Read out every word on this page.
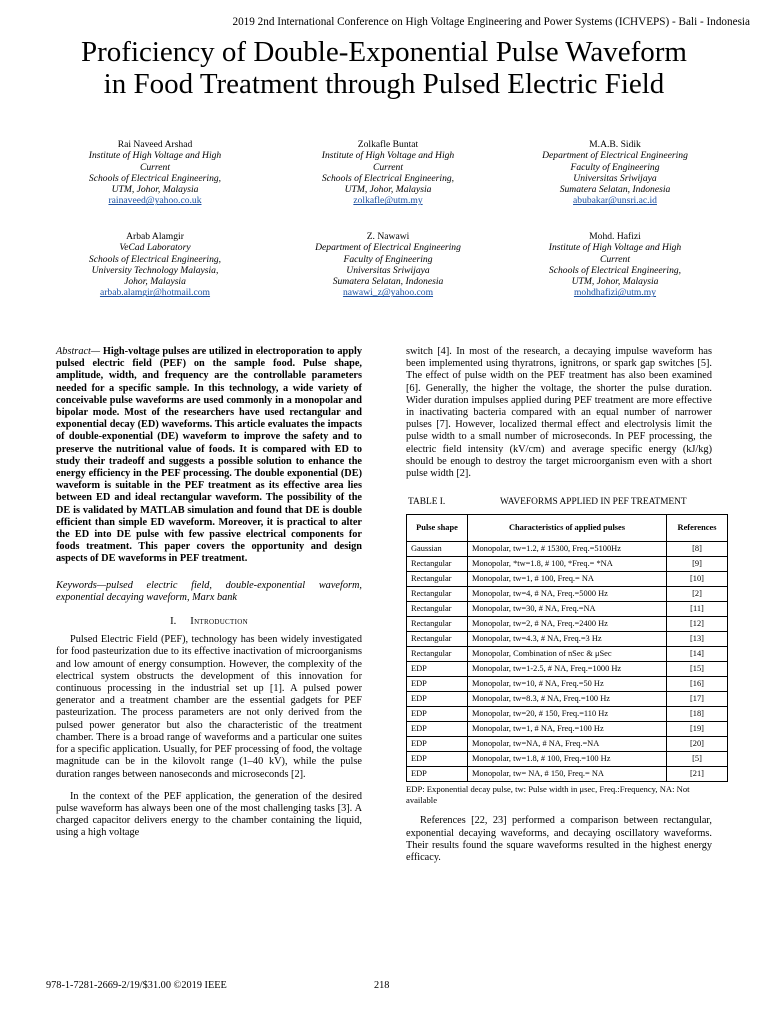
2019 2nd International Conference on High Voltage Engineering and Power Systems (ICHVEPS) - Bali - Indonesia
Proficiency of Double-Exponential Pulse Waveform
in Food Treatment through Pulsed Electric Field
Rai Naveed Arshad
Institute of High Voltage and High
Current
Schools of Electrical Engineering,
UTM, Johor, Malaysia
rainaveed@yahoo.co.uk
Zolkafle Buntat
Institute of High Voltage and High
Current
Schools of Electrical Engineering,
UTM, Johor, Malaysia
zolkafle@utm.my
M.A.B. Sidik
Department of Electrical Engineering
Faculty of Engineering
Universitas Sriwijaya
Sumatera Selatan, Indonesia
abubakar@unsri.ac.id
Arbab Alamgir
VeCad Laboratory
Schools of Electrical Engineering,
University Technology Malaysia,
Johor, Malaysia
arbab.alamgir@hotmail.com
Z. Nawawi
Department of Electrical Engineering
Faculty of Engineering
Universitas Sriwijaya
Sumatera Selatan, Indonesia
nawawi_z@yahoo.com
Mohd. Hafizi
Institute of High Voltage and High
Current
Schools of Electrical Engineering,
UTM, Johor, Malaysia
mohdhafizi@utm.my

Abstract— High-voltage pulses are utilized in electroporation to apply pulsed electric field (PEF) on the sample food. Pulse shape, amplitude, width, and frequency are the controllable parameters needed for a specific sample. In this technology, a wide variety of conceivable pulse waveforms are used commonly in a monopolar and bipolar mode. Most of the researchers have used rectangular and exponential decay (ED) waveforms. This article evaluates the impacts of double-exponential (DE) waveform to improve the safety and to preserve the nutritional value of foods. It is compared with ED to study their tradeoff and suggests a possible solution to enhance the energy efficiency in the PEF processing. The double exponential (DE) waveform is suitable in the PEF treatment as its effective area lies between ED and ideal rectangular waveform. The possibility of the DE is validated by MATLAB simulation and found that DE is double efficient than simple ED waveform. Moreover, it is practical to alter the ED into DE pulse with few passive electrical components for foods treatment. This paper covers the opportunity and design aspects of DE waveforms in PEF treatment.

Keywords—pulsed electric field, double-exponential waveform, exponential decaying waveform, Marx bank

I. Introduction

Pulsed Electric Field (PEF), technology has been widely investigated for food pasteurization due to its effective inactivation of microorganisms and low amount of energy consumption. However, the complexity of the electrical system obstructs the development of this innovation for continuous processing in the industrial set up [1]. A pulsed power generator and a treatment chamber are the essential gadgets for PEF pasteurization. The process parameters are not only derived from the pulsed power generator but also the characteristic of the treatment chamber. There is a broad range of waveforms and a particular one suites for a specific application. Usually, for PEF processing of food, the voltage magnitude can be in the kilovolt range (1–40 kV), while the pulse duration ranges between nanoseconds and microseconds [2].

In the context of the PEF application, the generation of the desired pulse waveform has always been one of the most challenging tasks [3]. A charged capacitor delivers energy to the chamber containing the liquid, using a high voltage

switch [4]. In most of the research, a decaying impulse waveform has been implemented using thyratrons, ignitrons, or spark gap switches [5]. The effect of pulse width on the PEF treatment has also been examined [6]. Generally, the higher the voltage, the shorter the pulse duration. Wider duration impulses applied during PEF treatment are more effective in inactivating bacteria compared with an equal number of narrower pulses [7]. However, localized thermal effect and electrolysis limit the pulse width to a small number of microseconds. In PEF processing, the electric field intensity (kV/cm) and average specific energy (kJ/kg) should be enough to destroy the target microorganism even with a short pulse width [2].

TABLE I.	WAVEFORMS APPLIED IN PEF TREATMENT
Pulse shape	Characteristics of applied pulses	References
Gaussian	Monopolar, tw=1.2, # 15300, Freq.=5100Hz	[8]
Rectangular	Monopolar, *tw=1.8, # 100, *Freq.= *NA	[9]
Rectangular	Monopolar, tw=1, # 100, Freq.= NA	[10]
Rectangular	Monopolar, tw=4, # NA, Freq.=5000 Hz	[2]
Rectangular	Monopolar, tw=30, # NA, Freq.=NA	[11]
Rectangular	Monopolar, tw=2, # NA, Freq.=2400 Hz	[12]
Rectangular	Monopolar, tw=4.3, # NA, Freq.=3 Hz	[13]
Rectangular	Monopolar, Combination of nSec & μSec	[14]
EDP	Monopolar, tw=1-2.5, # NA, Freq.=1000 Hz	[15]
EDP	Monopolar, tw=10, # NA, Freq.=50 Hz	[16]
EDP	Monopolar, tw=8.3, # NA, Freq.=100 Hz	[17]
EDP	Monopolar, tw=20, # 150, Freq.=110 Hz	[18]
EDP	Monopolar, tw=1, # NA, Freq.=100 Hz	[19]
EDP	Monopolar, tw=NA, # NA, Freq.=NA	[20]
EDP	Monopolar, tw=1.8, # 100, Freq.=100 Hz	[5]
EDP	Monopolar, tw= NA, # 150, Freq.= NA	[21]

EDP: Exponential decay pulse, tw: Pulse width in μsec, Freq.:Frequency, NA: Not available

References [22, 23] performed a comparison between rectangular, exponential decaying waveforms, and decaying oscillatory waveforms. Their results found the square waveforms resulted in the highest energy efficacy.

978-1-7281-2669-2/19/$31.00 ©2019 IEEE	218
